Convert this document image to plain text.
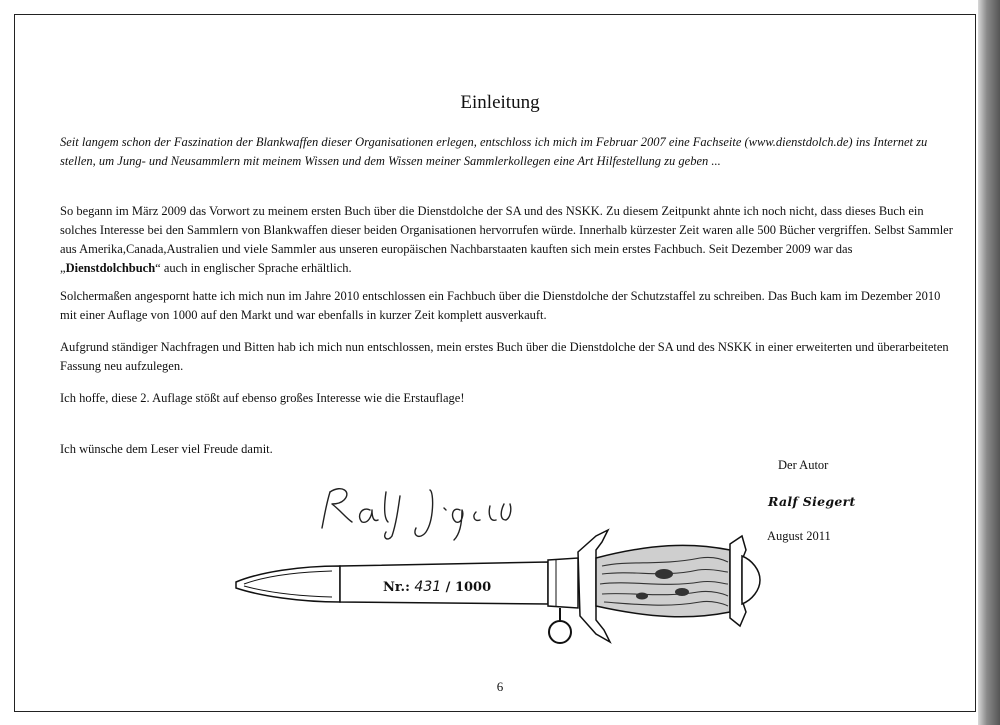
Einleitung
Seit langem schon der Faszination der Blankwaffen dieser Organisationen erlegen, entschloss ich mich im Februar 2007 eine Fachseite (www.dienstdolch.de) ins Internet zu stellen, um Jung- und Neusammlern mit meinem Wissen und dem Wissen meiner Sammlerkollegen eine Art Hilfestellung zu geben ...
So begann im März 2009 das Vorwort zu meinem ersten Buch über die Dienstdolche der SA und des NSKK. Zu diesem Zeitpunkt ahnte ich noch nicht, dass dieses Buch ein solches Interesse bei den Sammlern von Blankwaffen dieser beiden Organisationen hervorrufen würde. Innerhalb kürzester Zeit waren alle 500 Bücher vergriffen. Selbst Sammler aus Amerika,Canada,Australien und viele Sammler aus unseren europäischen Nachbarstaaten kauften sich mein erstes Fachbuch. Seit Dezember 2009 war das „Dienstdolchbuch“ auch in englischer Sprache erhältlich.
Solchermaßen angespornt hatte ich mich nun im Jahre 2010 entschlossen ein Fachbuch über die Dienstdolche der Schutzstaffel zu schreiben. Das Buch kam im Dezember 2010 mit einer Auflage von 1000 auf den Markt und war ebenfalls in kurzer Zeit komplett ausverkauft.
Aufgrund ständiger Nachfragen und Bitten hab ich mich nun entschlossen, mein erstes Buch über die Dienstdolche der SA und des NSKK in einer erweiterten und überarbeiteten Fassung neu aufzulegen.
Ich hoffe, diese 2. Auflage stößt auf ebenso großes Interesse wie die Erstauflage!
Ich wünsche dem Leser viel Freude damit.
Der Autor
Ralf Siegert
August 2011
Nr.: 431 / 1000
6
